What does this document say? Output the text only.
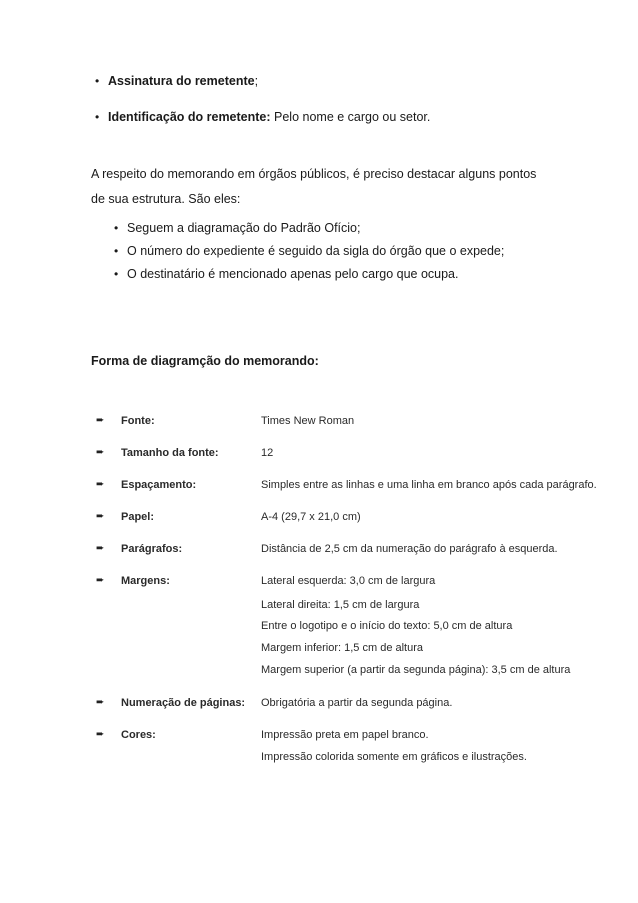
• Assinatura do remetente;
• Identificação do remetente: Pelo nome e cargo ou setor.
A respeito do memorando em órgãos públicos, é preciso destacar alguns pontos
de sua estrutura. São eles:
• Seguem a diagramação do Padrão Ofício;
• O número do expediente é seguido da sigla do órgão que o expede;
• O destinatário é mencionado apenas pelo cargo que ocupa.
Forma de diagramção do memorando:
➨ Fonte:	Times New Roman
➨ Tamanho da fonte:	12
➨ Espaçamento:	Simples entre as linhas e uma linha em branco após cada parágrafo.
➨ Papel:	A-4 (29,7 x 21,0 cm)
➨ Parágrafos:	Distância de 2,5 cm da numeração do parágrafo à esquerda.
➨ Margens:	Lateral esquerda: 3,0 cm de largura
Lateral direita: 1,5 cm de largura
Entre o logotipo e o início do texto: 5,0 cm de altura
Margem inferior: 1,5 cm de altura
Margem superior (a partir da segunda página): 3,5 cm de altura
➨ Numeração de páginas: Obrigatória a partir da segunda página.
➨ Cores:	Impressão preta em papel branco.
Impressão colorida somente em gráficos e ilustrações.
